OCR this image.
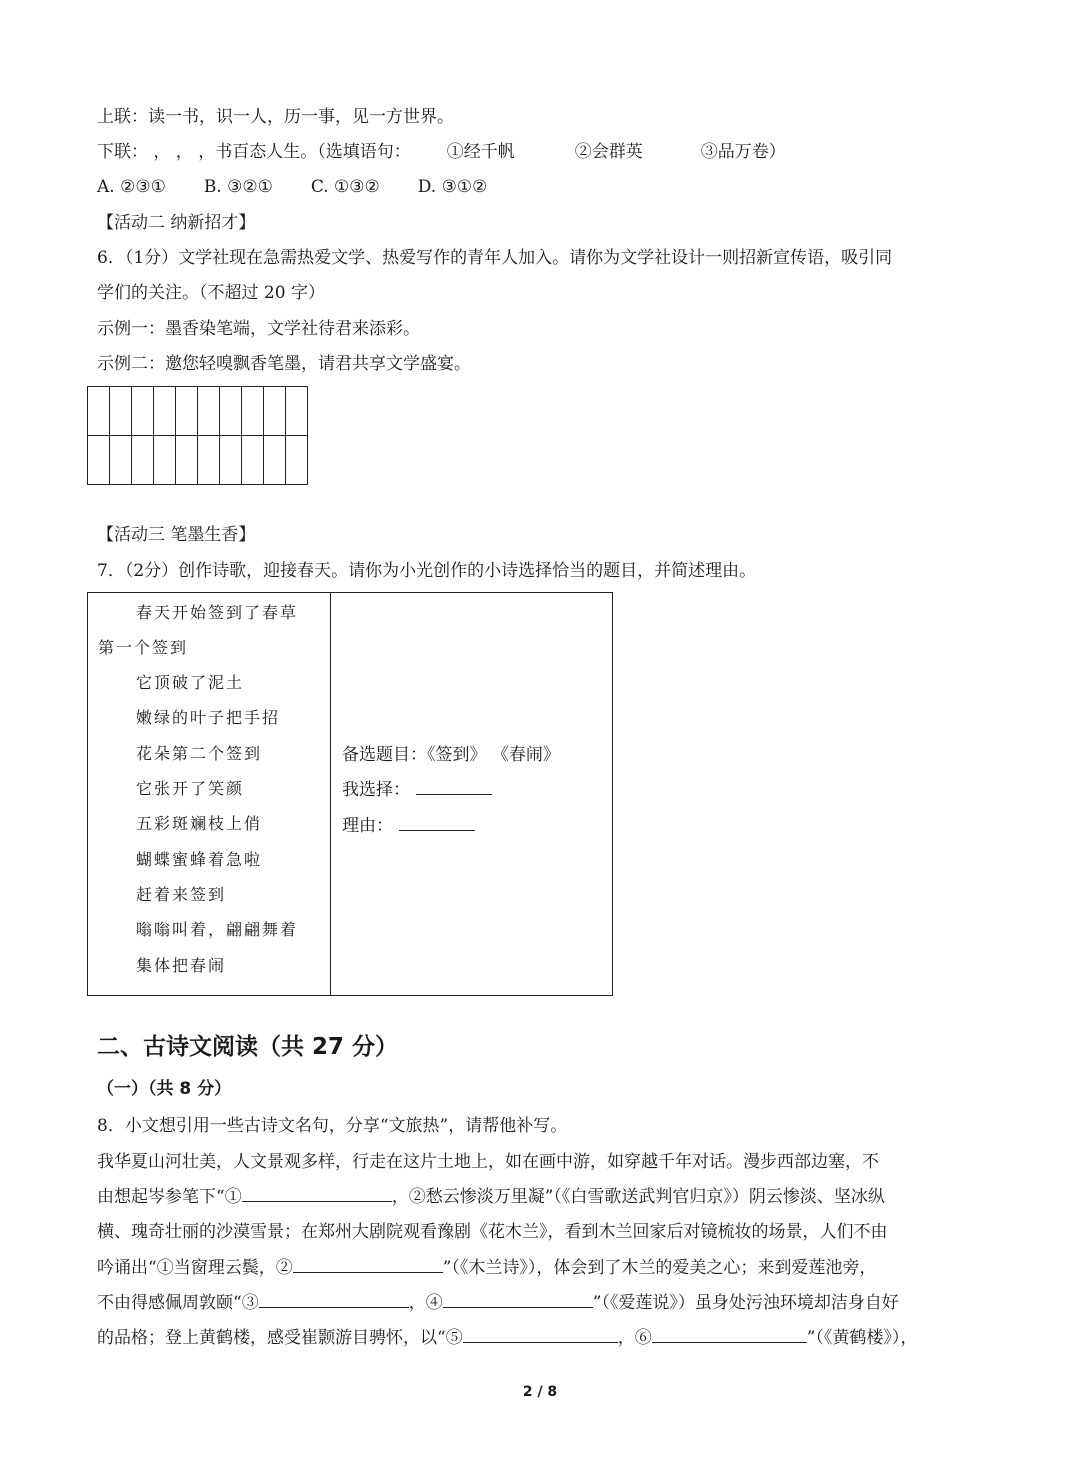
上联：读一书，识一人，历一事，见一方世界。
下联： ， ， ，书百态人生。（选填语句： ①经千帆	②会群英	③品万卷）
A. ②③① B. ③②① C. ①③② D. ③①②
【活动二 纳新招才】
6．（1分）文学社现在急需热爱文学、热爱写作的青年人加入。请你为文学社设计一则招新宣传语，吸引同
学们的关注。（不超过 20 字）
示例一：墨香染笔端，文学社待君来添彩。
示例二：邀您轻嗅飘香笔墨，请君共享文学盛宴。

【活动三 笔墨生香】
7．（2分）创作诗歌，迎接春天。请你为小光创作的小诗选择恰当的题目，并简述理由。
春天开始签到了春草
第一个签到
它顶破了泥土
嫩绿的叶子把手招
花朵第二个签到
它张开了笑颜
五彩斑斓枝上俏
蝴蝶蜜蜂着急啦
赶着来签到
嗡嗡叫着，翩翩舞着
集体把春闹
备选题目：《签到》 《春闹》
我选择：
理由：
二、古诗文阅读（共 27 分）
（一）（共 8 分）
8．小文想引用一些古诗文名句，分享“文旅热”，请帮他补写。
我华夏山河壮美，人文景观多样，行走在这片土地上，如在画中游，如穿越千年对话。漫步西部边塞，不
由想起岑参笔下“①	，②愁云惨淡万里凝”（《白雪歌送武判官归京》）阴云惨淡、坚冰纵
横、瑰奇壮丽的沙漠雪景；在郑州大剧院观看豫剧《花木兰》，看到木兰回家后对镜梳妆的场景，人们不由
吟诵出“①当窗理云鬓，②	”（《木兰诗》），体会到了木兰的爱美之心；来到爱莲池旁，
不由得感佩周敦颐“③	，④	”（《爱莲说》）虽身处污浊环境却洁身自好
的品格；登上黄鹤楼，感受崔颢游目骋怀，以“⑤	，⑥	”（《黄鹤楼》），
2 / 8
